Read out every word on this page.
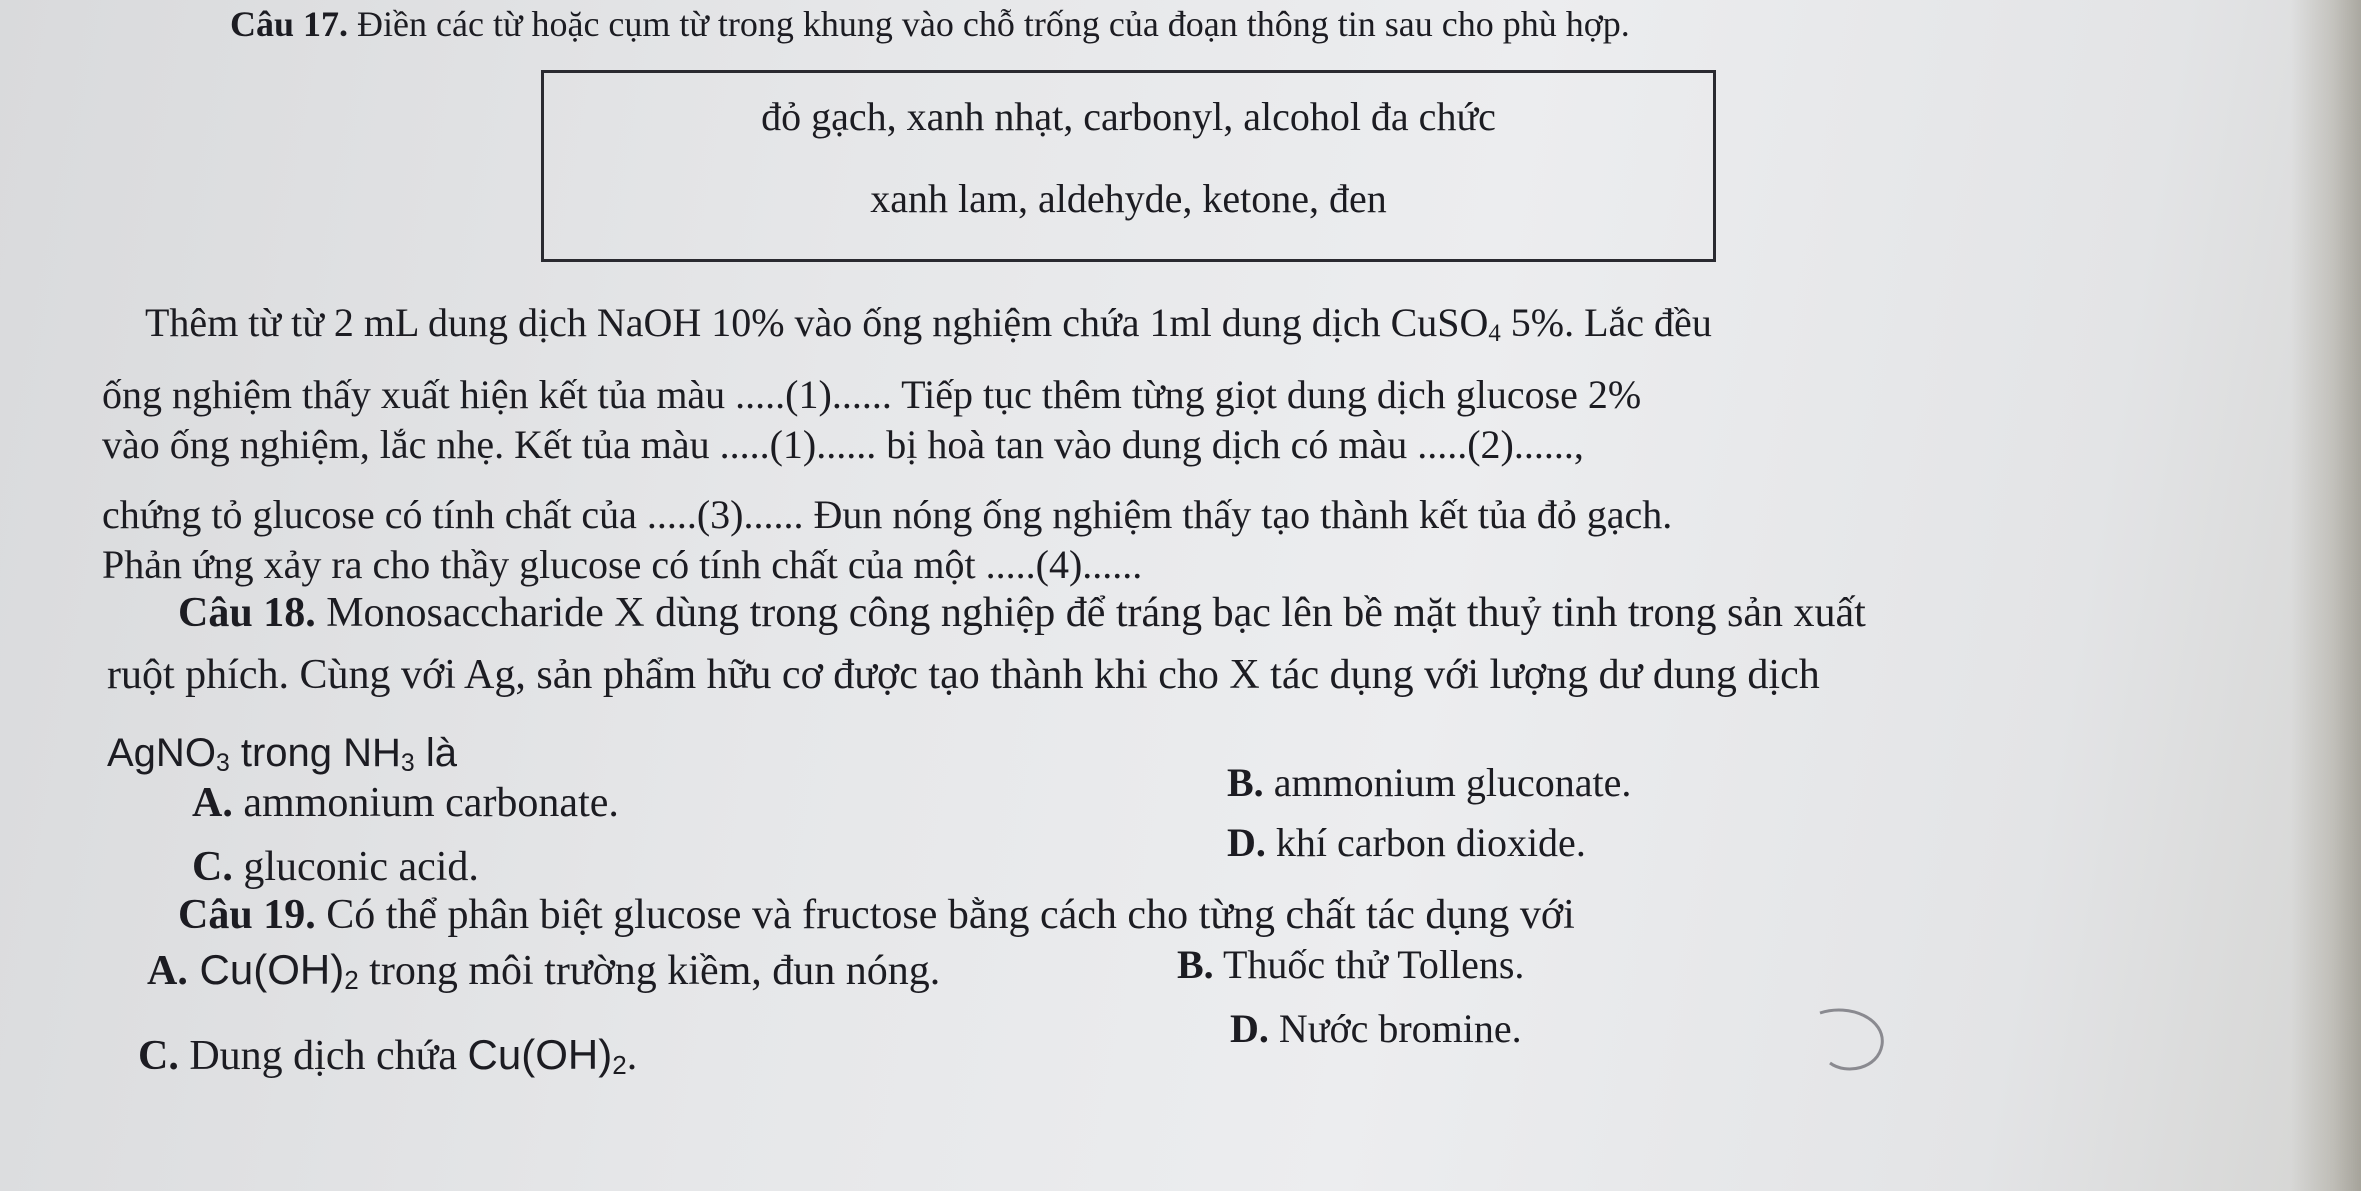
Câu 17. Điền các từ hoặc cụm từ trong khung vào chỗ trống của đoạn thông tin sau cho phù hợp.
đỏ gạch, xanh nhạt, carbonyl, alcohol đa chức
xanh lam, aldehyde, ketone, đen
Thêm từ từ 2 mL dung dịch NaOH 10% vào ống nghiệm chứa 1ml dung dịch CuSO4 5%. Lắc đều
ống nghiệm thấy xuất hiện kết tủa màu .....(1)...... Tiếp tục thêm từng giọt dung dịch glucose 2%
vào ống nghiệm, lắc nhẹ. Kết tủa màu .....(1)...... bị hoà tan vào dung dịch có màu .....(2)......,
chứng tỏ glucose có tính chất của .....(3)...... Đun nóng ống nghiệm thấy tạo thành kết tủa đỏ gạch.
Phản ứng xảy ra cho thầy glucose có tính chất của một .....(4)......
Câu 18. Monosaccharide X dùng trong công nghiệp để tráng bạc lên bề mặt thuỷ tinh trong sản xuất
ruột phích. Cùng với Ag, sản phẩm hữu cơ được tạo thành khi cho X tác dụng với lượng dư dung dịch
AgNO3 trong NH3 là
A. ammonium carbonate.	B. ammonium gluconate.
C. gluconic acid.
D. khí carbon dioxide.
Câu 19. Có thể phân biệt glucose và fructose bằng cách cho từng chất tác dụng với
A. $Cu(OH)_2$ trong môi trường kiềm, đun nóng.	B. Thuốc thử Tollens.
C. Dung dịch chứa $Cu(OH)_2$.
D. Nước bromine.
